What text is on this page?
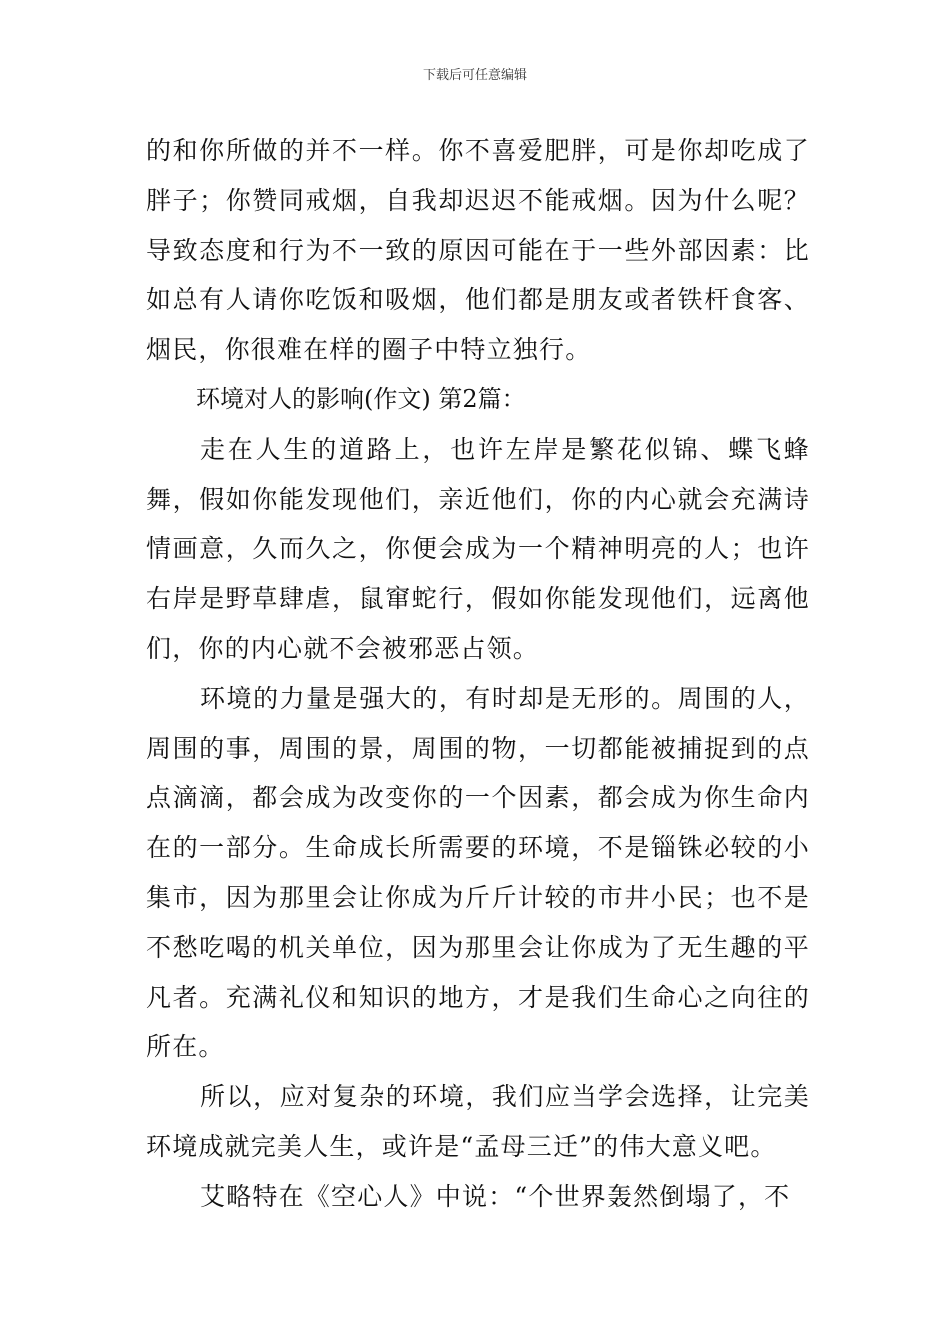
下载后可任意编辑

的和你所做的并不一样。你不喜爱肥胖，可是你却吃成了胖子；你赞同戒烟，自我却迟迟不能戒烟。因为什么呢？导致态度和行为不一致的原因可能在于一些外部因素：比如总有人请你吃饭和吸烟，他们都是朋友或者铁杆食客、烟民，你很难在样的圈子中特立独行。

环境对人的影响(作文) 第2篇：

走在人生的道路上，也许左岸是繁花似锦、蝶飞蜂舞，假如你能发现他们，亲近他们，你的内心就会充满诗情画意，久而久之，你便会成为一个精神明亮的人；也许右岸是野草肆虐，鼠窜蛇行，假如你能发现他们，远离他们，你的内心就不会被邪恶占领。

环境的力量是强大的，有时却是无形的。周围的人，周围的事，周围的景，周围的物，一切都能被捕捉到的点点滴滴，都会成为改变你的一个因素，都会成为你生命内在的一部分。生命成长所需要的环境，不是锱铢必较的小集市，因为那里会让你成为斤斤计较的市井小民；也不是不愁吃喝的机关单位，因为那里会让你成为了无生趣的平凡者。充满礼仪和知识的地方，才是我们生命心之向往的所在。

所以，应对复杂的环境，我们应当学会选择，让完美环境成就完美人生，或许是“孟母三迁”的伟大意义吧。

艾略特在《空心人》中说：“个世界轰然倒塌了，不
